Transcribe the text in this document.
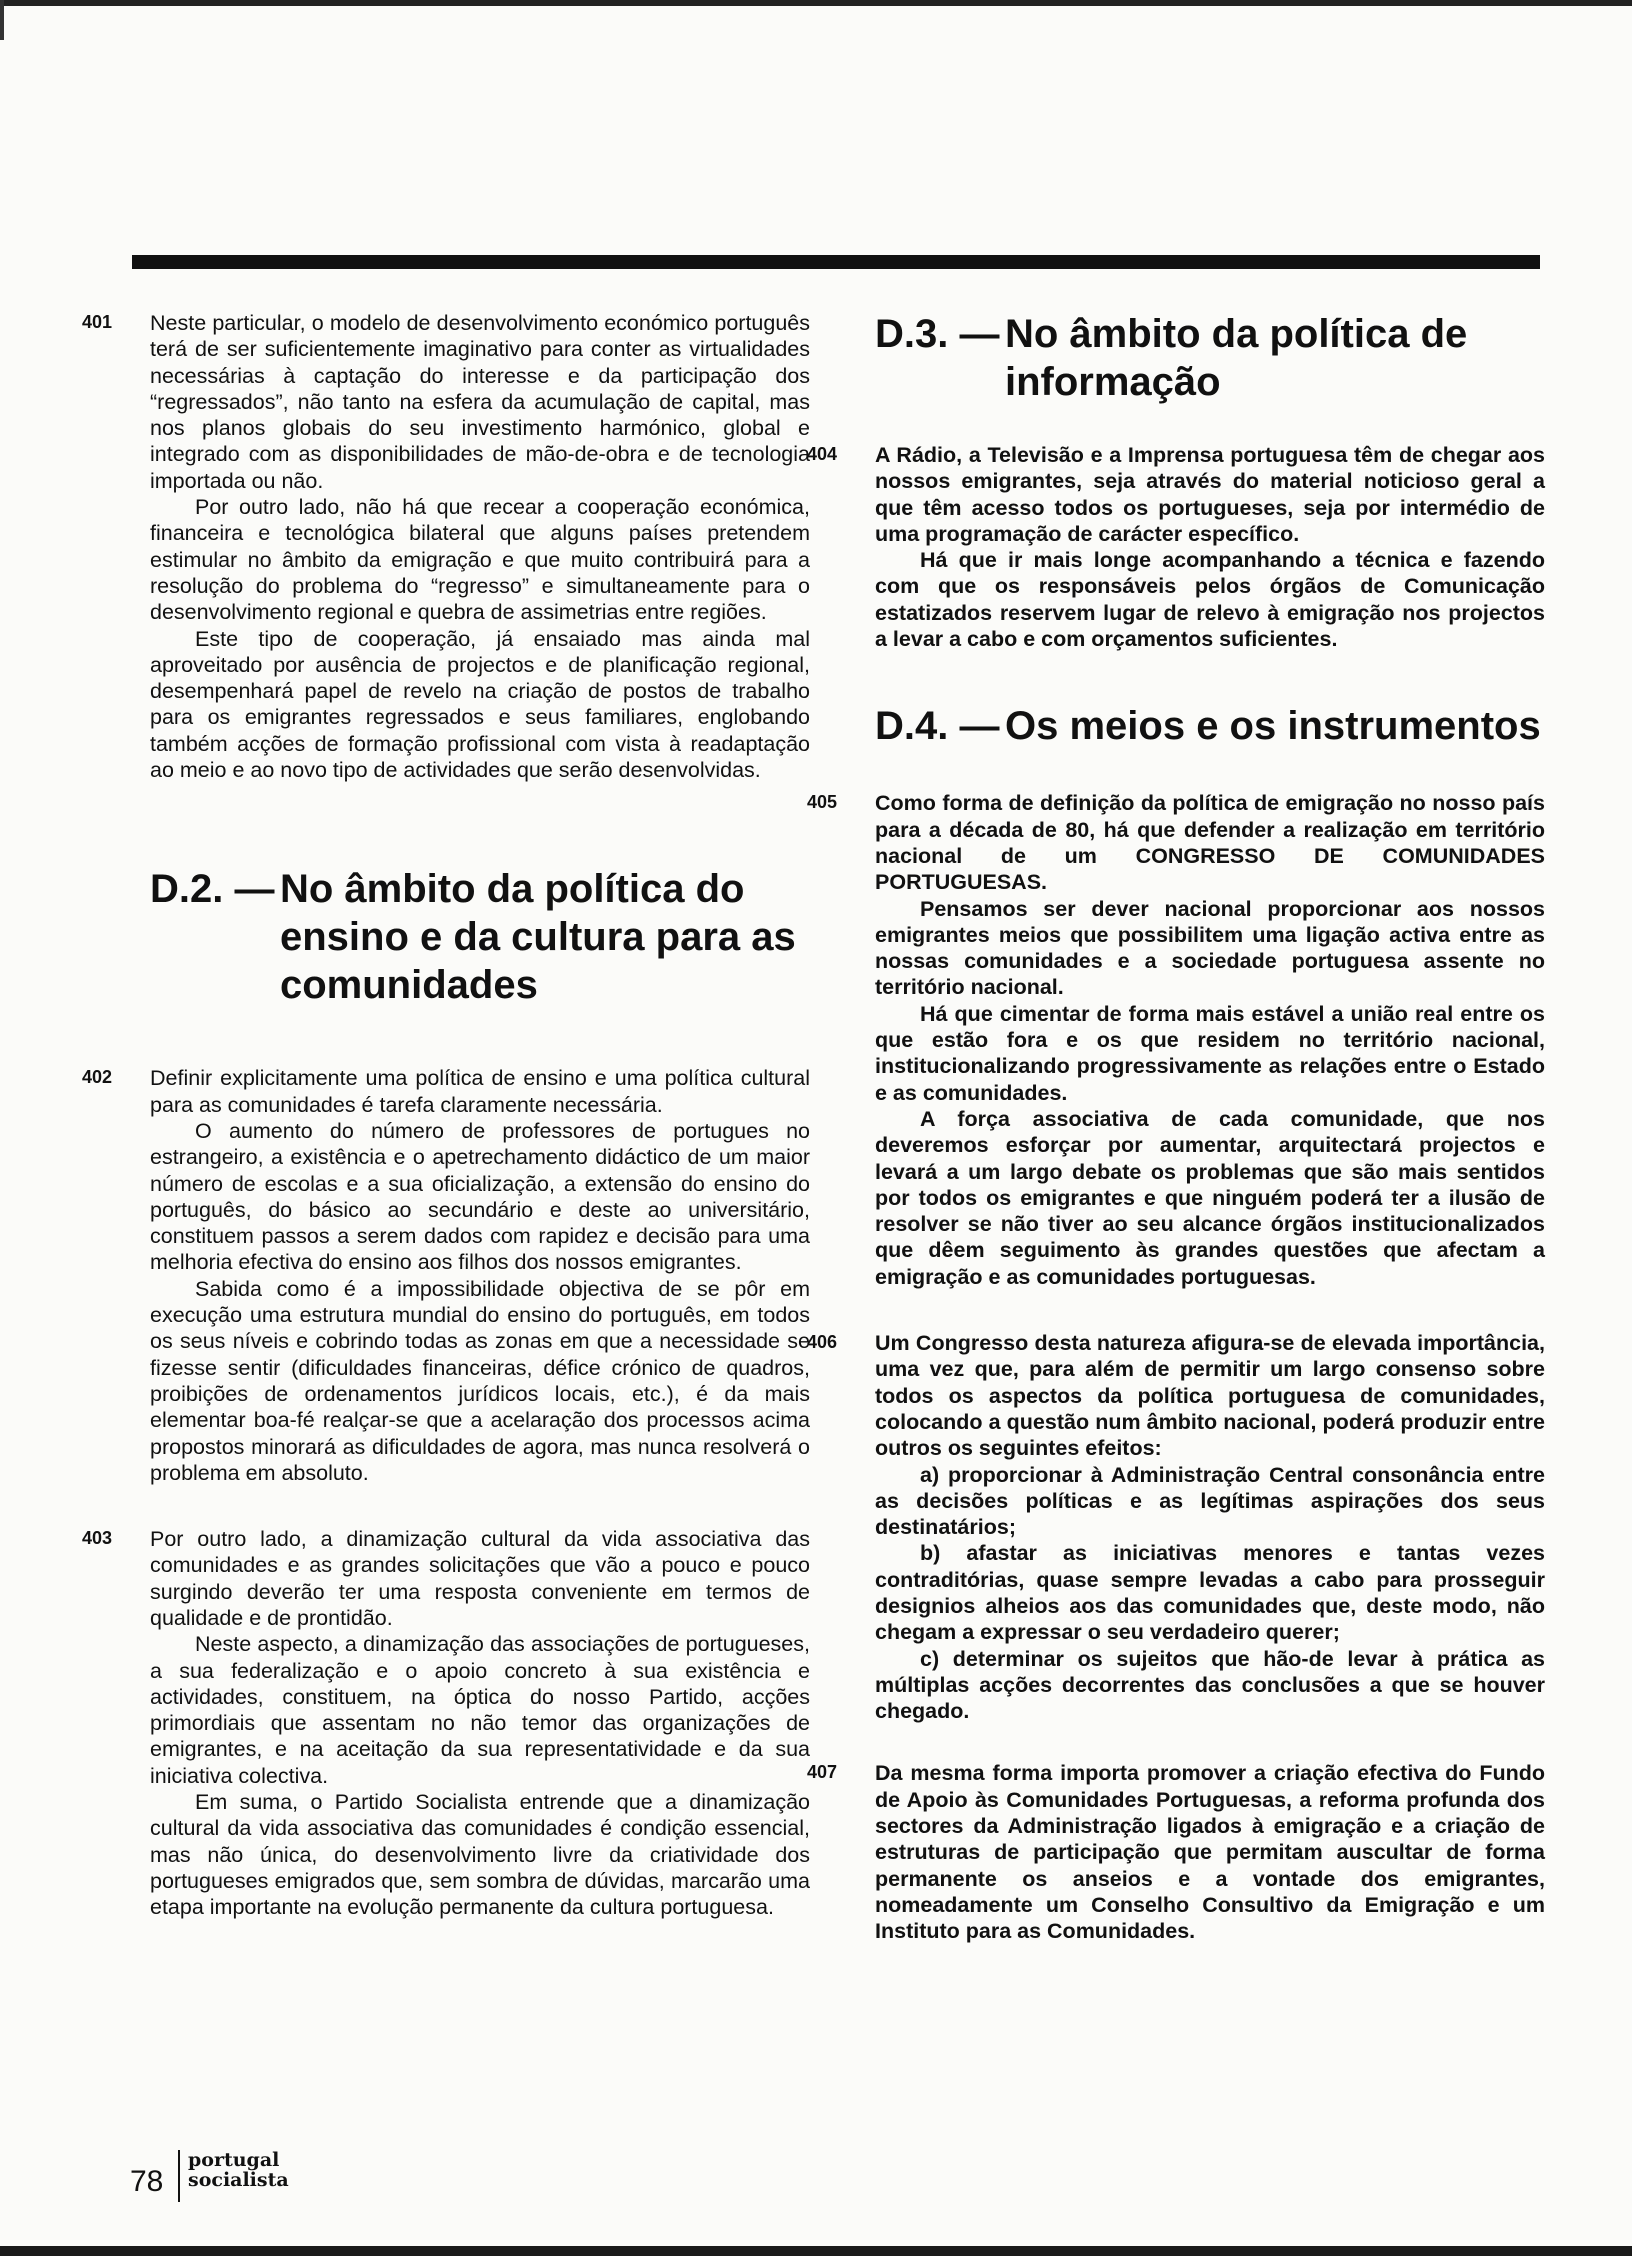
401 Neste particular, o modelo de desenvolvimento económico português terá de ser suficientemente imaginativo para conter as virtualidades necessárias à captação do interesse e da participação dos “regressados”, não tanto na esfera da acumulação de capital, mas nos planos globais do seu investimento harmónico, global e integrado com as disponibilidades de mão-de-obra e de tecnologia importada ou não.

Por outro lado, não há que recear a cooperação económica, financeira e tecnológica bilateral que alguns países pretendem estimular no âmbito da emigração e que muito contribuirá para a resolução do problema do “regresso” e simultaneamente para o desenvolvimento regional e quebra de assimetrias entre regiões.

Este tipo de cooperação, já ensaiado mas ainda mal aproveitado por ausência de projectos e de planificação regional, desempenhará papel de revelo na criação de postos de trabalho para os emigrantes regressados e seus familiares, englobando também acções de formação profissional com vista à readaptação ao meio e ao novo tipo de actividades que serão desenvolvidas.

D.2. — No âmbito da política do ensino e da cultura para as comunidades
402 Definir explicitamente uma política de ensino e uma política cultural para as comunidades é tarefa claramente necessária.

O aumento do número de professores de portugues no estrangeiro, a existência e o apetrechamento didáctico de um maior número de escolas e a sua oficialização, a extensão do ensino do português, do básico ao secundário e deste ao universitário, constituem passos a serem dados com rapidez e decisão para uma melhoria efectiva do ensino aos filhos dos nossos emigrantes.

Sabida como é a impossibilidade objectiva de se pôr em execução uma estrutura mundial do ensino do português, em todos os seus níveis e cobrindo todas as zonas em que a necessidade se fizesse sentir (dificuldades financeiras, défice crónico de quadros, proibições de ordenamentos jurídicos locais, etc.), é da mais elementar boa-fé realçar-se que a acelaração dos processos acima propostos minorará as dificuldades de agora, mas nunca resolverá o problema em absoluto.

403 Por outro lado, a dinamização cultural da vida associativa das comunidades e as grandes solicitações que vão a pouco e pouco surgindo deverão ter uma resposta conveniente em termos de qualidade e de prontidão.

Neste aspecto, a dinamização das associações de portugueses, a sua federalização e o apoio concreto à sua existência e actividades, constituem, na óptica do nosso Partido, acções primordiais que assentam no não temor das organizações de emigrantes, e na aceitação da sua representatividade e da sua iniciativa colectiva.

Em suma, o Partido Socialista entrende que a dinamização cultural da vida associativa das comunidades é condição essencial, mas não única, do desenvolvimento livre da criatividade dos portugueses emigrados que, sem sombra de dúvidas, marcarão uma etapa importante na evolução permanente da cultura portuguesa.

D.3. — No âmbito da política de informação
404 A Rádio, a Televisão e a Imprensa portuguesa têm de chegar aos nossos emigrantes, seja através do material noticioso geral a que têm acesso todos os portugueses, seja por intermédio de uma programação de carácter específico.

Há que ir mais longe acompanhando a técnica e fazendo com que os responsáveis pelos órgãos de Comunicação estatizados reservem lugar de relevo à emigração nos projectos a levar a cabo e com orçamentos suficientes.

D.4. — Os meios e os instrumentos
405 Como forma de definição da política de emigração no nosso país para a década de 80, há que defender a realização em território nacional de um CONGRESSO DE COMUNIDADES PORTUGUESAS.

Pensamos ser dever nacional proporcionar aos nossos emigrantes meios que possibilitem uma ligação activa entre as nossas comunidades e a sociedade portuguesa assente no território nacional.

Há que cimentar de forma mais estável a união real entre os que estão fora e os que residem no território nacional, institucionalizando progressivamente as relações entre o Estado e as comunidades.

A força associativa de cada comunidade, que nos deveremos esforçar por aumentar, arquitectará projectos e levará a um largo debate os problemas que são mais sentidos por todos os emigrantes e que ninguém poderá ter a ilusão de resolver se não tiver ao seu alcance órgãos institucionalizados que dêem seguimento às grandes questões que afectam a emigração e as comunidades portuguesas.

406 Um Congresso desta natureza afigura-se de elevada importância, uma vez que, para além de permitir um largo consenso sobre todos os aspectos da política portuguesa de comunidades, colocando a questão num âmbito nacional, poderá produzir entre outros os seguintes efeitos:

a) proporcionar à Administração Central consonância entre as decisões políticas e as legítimas aspirações dos seus destinatários;

b) afastar as iniciativas menores e tantas vezes contraditórias, quase sempre levadas a cabo para prosseguir designios alheios aos das comunidades que, deste modo, não chegam a expressar o seu verdadeiro querer;

c) determinar os sujeitos que hão-de levar à prática as múltiplas acções decorrentes das conclusões a que se houver chegado.

407 Da mesma forma importa promover a criação efectiva do Fundo de Apoio às Comunidades Portuguesas, a reforma profunda dos sectores da Administração ligados à emigração e a criação de estruturas de participação que permitam auscultar de forma permanente os anseios e a vontade dos emigrantes, nomeadamente um Conselho Consultivo da Emigração e um Instituto para as Comunidades.

78
portugal
socialista
